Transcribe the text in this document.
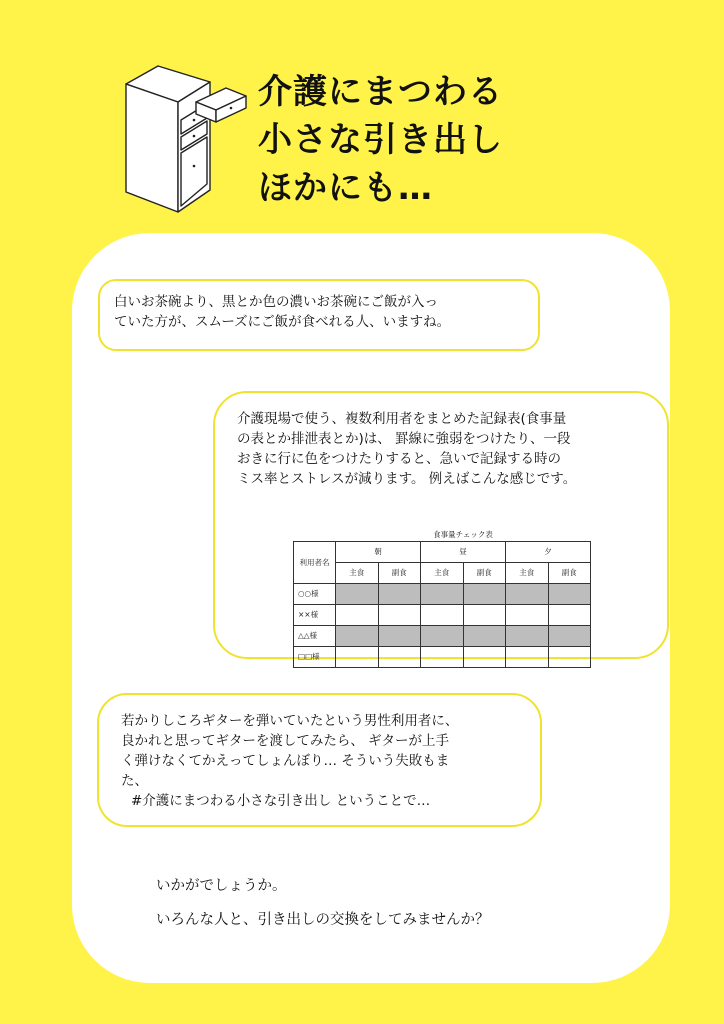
介護にまつわる
小さな引き出し
ほかにも…
白いお茶碗より、黒とか色の濃いお茶碗にご飯が入っ
ていた方が、スムーズにご飯が食べれる人、いますね。
介護現場で使う、複数利用者をまとめた記録表(食事量
の表とか排泄表とか)は、 罫線に強弱をつけたり、一段
おきに行に色をつけたりすると、急いで記録する時の
ミス率とストレスが減ります。 例えばこんな感じです。
食事量チェック表
利用者名	朝		昼		夕	
	主食	副食	主食	副食	主食	副食
○○様						
××様						
△△様						
□□様						
若かりしころギターを弾いていたという男性利用者に、
良かれと思ってギターを渡してみたら、 ギターが上手
く弾けなくてかえってしょんぼり… そういう失敗もま
た、
#介護にまつわる小さな引き出し ということで…
いかがでしょうか。
いろんな人と、引き出しの交換をしてみませんか？
